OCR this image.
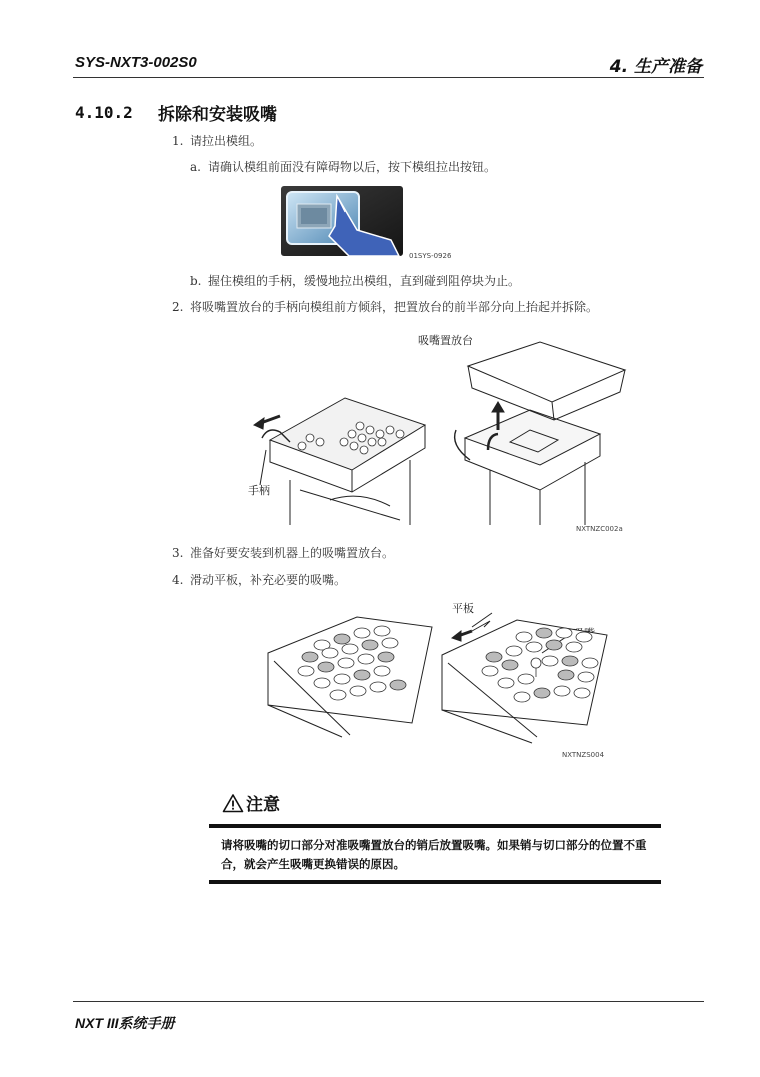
SYS-NXT3-002S0	4. 生产准备
4.10.2 拆除和安装吸嘴
1. 请拉出模组。
a. 请确认模组前面没有障碍物以后，按下模组拉出按钮。
01SYS-0926
b. 握住模组的手柄，缓慢地拉出模组，直到碰到阻停块为止。
2. 将吸嘴置放台的手柄向模组前方倾斜，把置放台的前半部分向上抬起并拆除。
吸嘴置放台
手柄
NXTNZC002a
3. 准备好要安装到机器上的吸嘴置放台。
4. 滑动平板，补充必要的吸嘴。
平板
NXTNZS004
注意
请将吸嘴的切口部分对准吸嘴置放台的销后放置吸嘴。如果销与切口部分的位置不重合，就会产生吸嘴更换错误的原因。
NXT III系统手册
